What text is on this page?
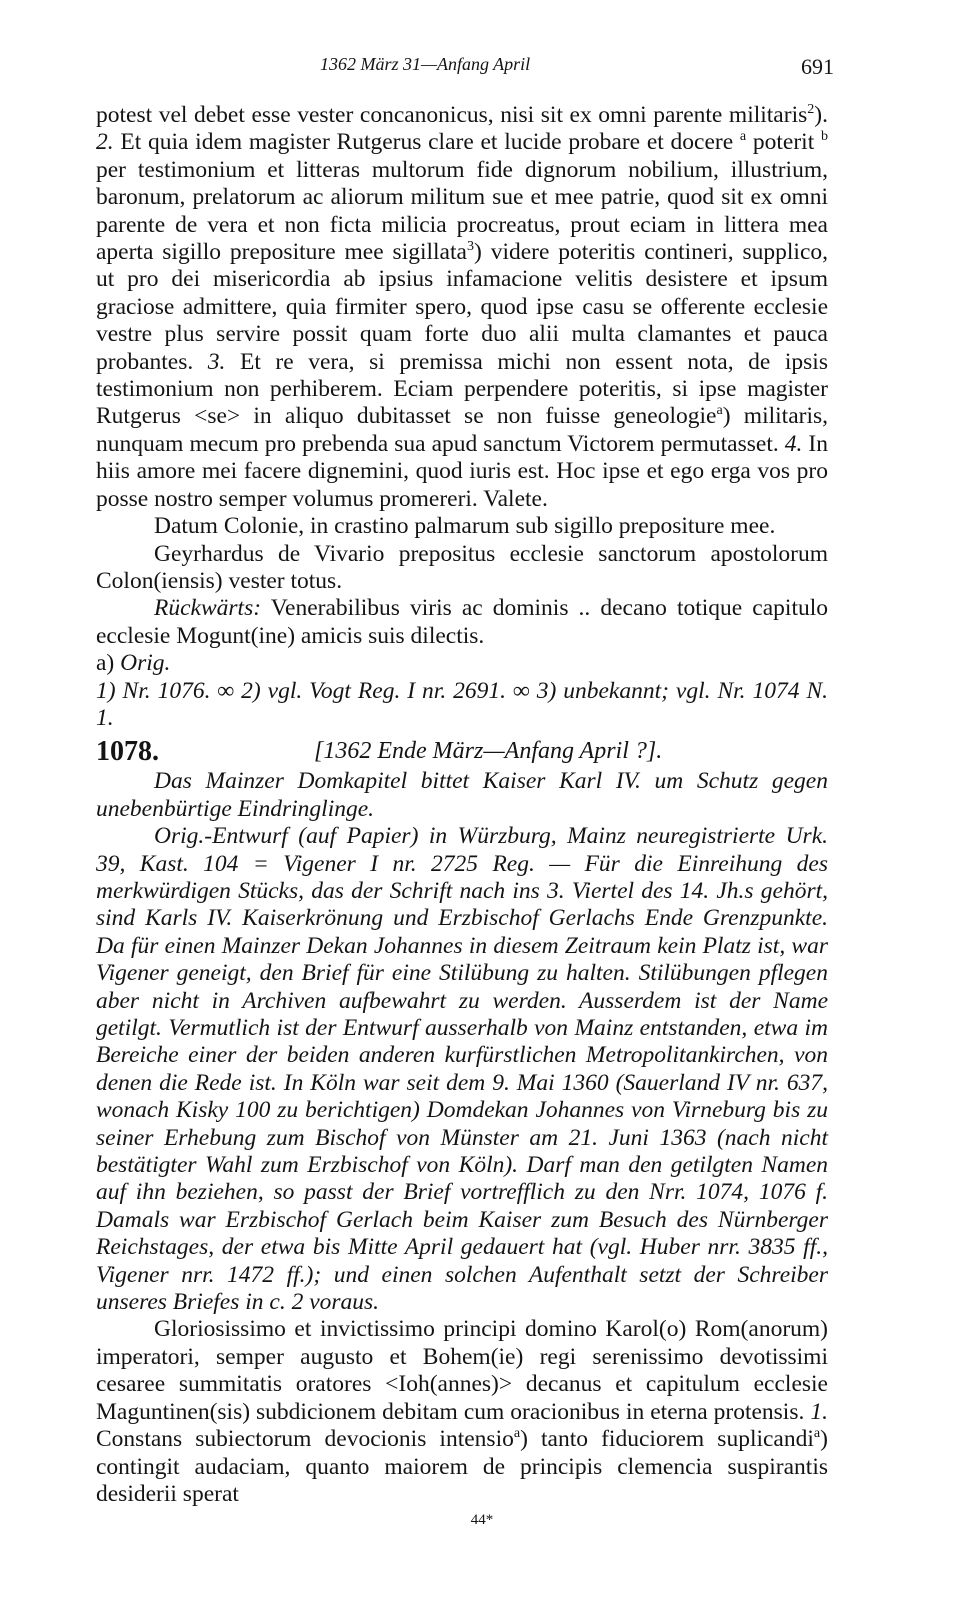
1362 März 31—Anfang April	691

potest vel debet esse vester concanonicus, nisi sit ex omni parente militaris$^2$). 2. Et quia idem magister Rutgerus clare et lucide probare et docere $^a$ poterit $^b$ per testimonium et litteras multorum fide dignorum nobilium, illustrium, baronum, prelatorum ac aliorum militum sue et mee patrie, quod sit ex omni parente de vera et non ficta milicia procreatus, prout eciam in littera mea aperta sigillo prepositure mee sigillata$^3$) videre poteritis contineri, supplico, ut pro dei misericordia ab ipsius infamacione velitis desistere et ipsum graciose admittere, quia firmiter spero, quod ipse casu se offerente ecclesie vestre plus servire possit quam forte duo alii multa clamantes et pauca probantes. 3. Et re vera, si premissa michi non essent nota, de ipsis testimonium non perhiberem. Eciam perpendere poteritis, si ipse magister Rutgerus <se> in aliquo dubitasset se non fuisse geneologie$^a$) militaris, nunquam mecum pro prebenda sua apud sanctum Victorem permutasset. 4. In hiis amore mei facere dignemini, quod iuris est. Hoc ipse et ego erga vos pro posse nostro semper volumus promereri. Valete.

Datum Colonie, in crastino palmarum sub sigillo prepositure mee.

Geyrhardus de Vivario prepositus ecclesie sanctorum apostolorum Colon(iensis) vester totus.

Rückwärts: Venerabilibus viris ac dominis .. decano totique capitulo ecclesie Mogunt(ine) amicis suis dilectis.

a) Orig.

1) Nr. 1076. ∞ 2) vgl. Vogt Reg. I nr. 2691. ∞ 3) unbekannt; vgl. Nr. 1074 N. 1.

1078.	[1362 Ende März—Anfang April ?].

Das Mainzer Domkapitel bittet Kaiser Karl IV. um Schutz gegen unebenbürtige Eindringlinge.

Orig.-Entwurf (auf Papier) in Würzburg, Mainz neuregistrierte Urk. 39, Kast. 104 = Vigener I nr. 2725 Reg. — Für die Einreihung des merkwürdigen Stücks, das der Schrift nach ins 3. Viertel des 14. Jh.s gehört, sind Karls IV. Kaiserkrönung und Erzbischof Gerlachs Ende Grenzpunkte. Da für einen Mainzer Dekan Johannes in diesem Zeitraum kein Platz ist, war Vigener geneigt, den Brief für eine Stilübung zu halten. Stilübungen pflegen aber nicht in Archiven aufbewahrt zu werden. Ausserdem ist der Name getilgt. Vermutlich ist der Entwurf ausserhalb von Mainz entstanden, etwa im Bereiche einer der beiden anderen kurfürstlichen Metropolitankirchen, von denen die Rede ist. In Köln war seit dem 9. Mai 1360 (Sauerland IV nr. 637, wonach Kisky 100 zu berichtigen) Domdekan Johannes von Virneburg bis zu seiner Erhebung zum Bischof von Münster am 21. Juni 1363 (nach nicht bestätigter Wahl zum Erzbischof von Köln). Darf man den getilgten Namen auf ihn beziehen, so passt der Brief vortrefflich zu den Nrr. 1074, 1076 f. Damals war Erzbischof Gerlach beim Kaiser zum Besuch des Nürnberger Reichstages, der etwa bis Mitte April gedauert hat (vgl. Huber nrr. 3835 ff., Vigener nrr. 1472 ff.); und einen solchen Aufenthalt setzt der Schreiber unseres Briefes in c. 2 voraus.

Gloriosissimo et invictissimo principi domino Karol(o) Rom(anorum) imperatori, semper augusto et Bohem(ie) regi serenissimo devotissimi cesaree summitatis oratores <Ioh(annes)> decanus et capitulum ecclesie Maguntinen(sis) subdicionem debitam cum oracionibus in eterna protensis. 1. Constans subiectorum devocionis intensio$^a$) tanto fiduciorem suplicandi$^a$) contingit audaciam, quanto maiorem de principis clemencia suspirantis desiderii sperat

44*
